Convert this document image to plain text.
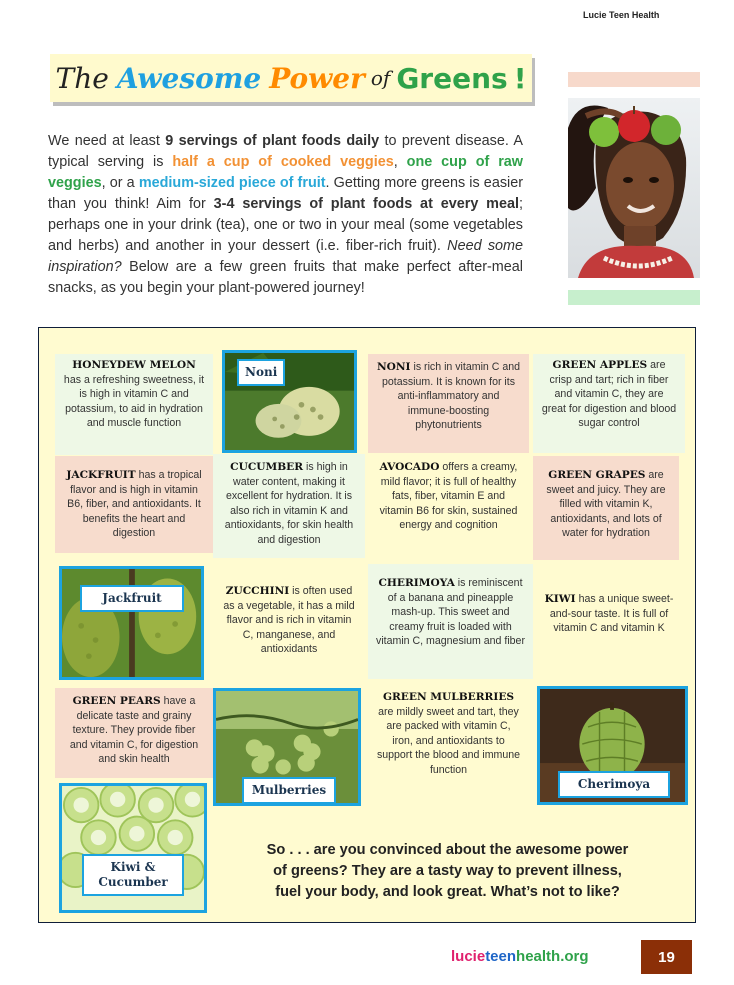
Lucie Teen Health
The Awesome Power of Greens !

We need at least 9 servings of plant foods daily to prevent disease. A typical serving is half a cup of cooked veggies, one cup of raw veggies, or a medium-sized piece of fruit. Getting more greens is easier than you think! Aim for 3-4 servings of plant foods at every meal; perhaps one in your drink (tea), one or two in your meal (some vegetables and herbs) and another in your dessert (i.e. fiber-rich fruit). Need some inspiration? Below are a few green fruits that make perfect after-meal snacks, as you begin your plant-powered journey!

HONEYDEW MELON
has a refreshing sweetness, it is high in vitamin C and potassium, to aid in hydration and muscle function
Noni	NONI is rich in vitamin C and potassium. It is known for its anti-inflammatory and immune-boosting phytonutrients
GREEN APPLES are crisp and tart; rich in fiber and vitamin C, they are great for digestion and blood sugar control
JACKFRUIT has a tropical flavor and is high in vitamin B6, fiber, and antioxidants. It benefits the heart and digestion
CUCUMBER is high in water content, making it excellent for hydration. It is also rich in vitamin K and antioxidants, for skin health and digestion
AVOCADO offers a creamy, mild flavor; it is full of healthy fats, fiber, vitamin E and vitamin B6 for skin, sustained energy and cognition
GREEN GRAPES are sweet and juicy. They are filled with vitamin K, antioxidants, and lots of water for hydration
Jackfruit	ZUCCHINI is often used as a vegetable, it has a mild flavor and is rich in vitamin C, manganese, and antioxidants
CHERIMOYA is reminiscent of a banana and pineapple mash-up. This sweet and creamy fruit is loaded with vitamin C, magnesium and fiber
KIWI has a unique sweet-and-sour taste. It is full of vitamin C and vitamin K
GREEN PEARS have a delicate taste and grainy texture. They provide fiber and vitamin C, for digestion and skin health
Mulberries
GREEN MULBERRIES
are mildly sweet and tart, they are packed with vitamin C, iron, and antioxidants to support the blood and immune function
Cherimoya
Kiwi &
Cucumber
So . . . are you convinced about the awesome power
of greens? They are a tasty way to prevent illness,
fuel your body, and look great. What’s not to like?
lucieteenhealth.org	19
